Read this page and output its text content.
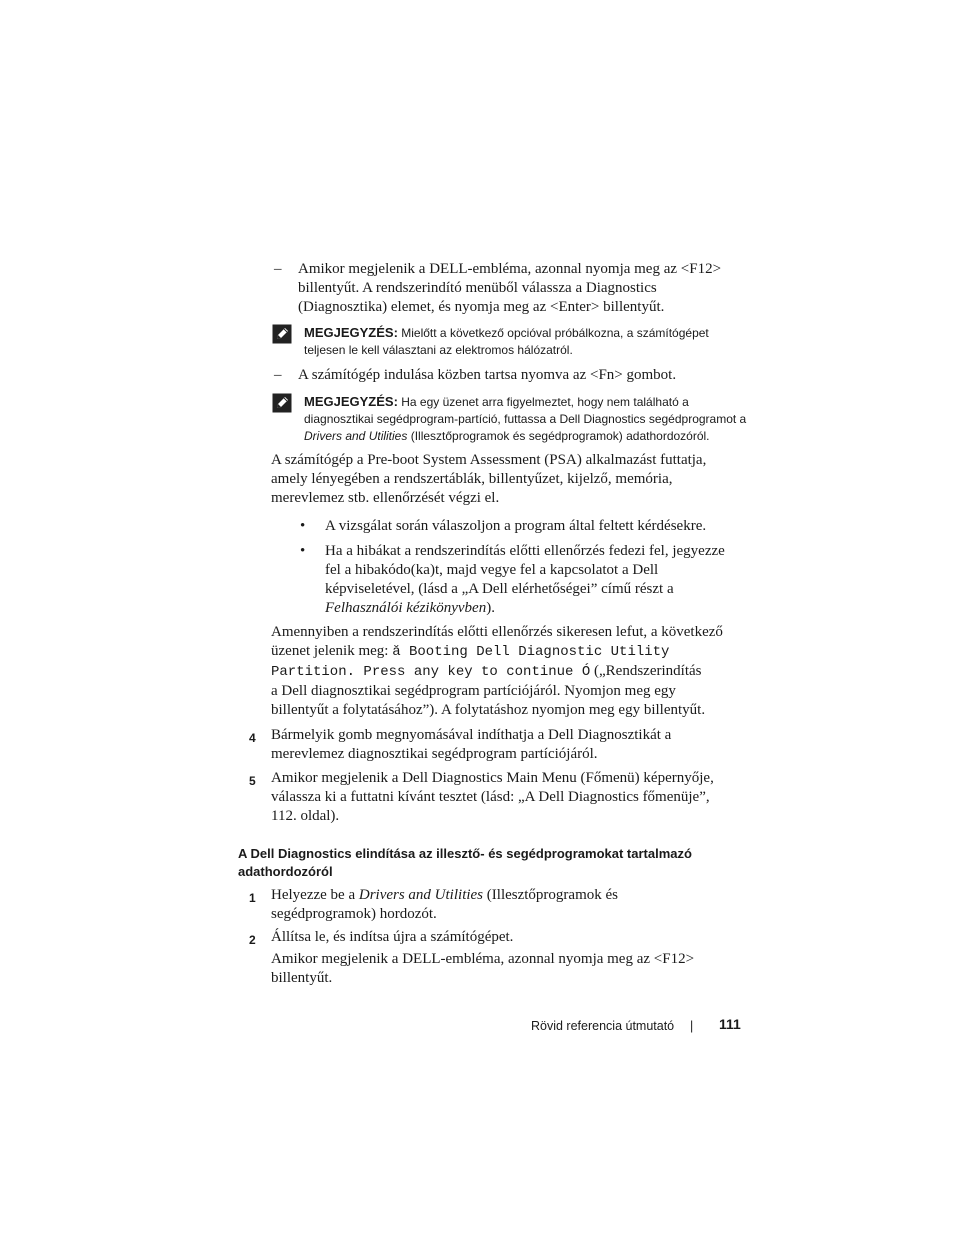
– Amikor megjelenik a DELL-embléma, azonnal nyomja meg az <F12>
billentyűt. A rendszerindító menüből válassza a Diagnostics
(Diagnosztika) elemet, és nyomja meg az <Enter> billentyűt.
MEGJEGYZÉS: Mielőtt a következő opcióval próbálkozna, a számítógépet
teljesen le kell választani az elektromos hálózatról.
– A számítógép indulása közben tartsa nyomva az <Fn> gombot.
MEGJEGYZÉS: Ha egy üzenet arra figyelmeztet, hogy nem található a
diagnosztikai segédprogram-partíció, futtassa a Dell Diagnostics segédprogramot a
Drivers and Utilities (Illesztőprogramok és segédprogramok) adathordozóról.
A számítógép a Pre-boot System Assessment (PSA) alkalmazást futtatja,
amely lényegében a rendszertáblák, billentyűzet, kijelző, memória,
merevlemez stb. ellenőrzését végzi el.
• A vizsgálat során válaszoljon a program által feltett kérdésekre.
• Ha a hibákat a rendszerindítás előtti ellenőrzés fedezi fel, jegyezze
fel a hibakódo(ka)t, majd vegye fel a kapcsolatot a Dell
képviseletével, (lásd a „A Dell elérhetőségei” című részt a
Felhasználói kézikönyvben).
Amennyiben a rendszerindítás előtti ellenőrzés sikeresen lefut, a következő
üzenet jelenik meg: ă Booting Dell Diagnostic Utility
Partition. Press any key to continue Ó („Rendszerindítás
a Dell diagnosztikai segédprogram partíciójáról. Nyomjon meg egy
billentyűt a folytatásához”). A folytatáshoz nyomjon meg egy billentyűt.
4 Bármelyik gomb megnyomásával indíthatja a Dell Diagnosztikát a
merevlemez diagnosztikai segédprogram partíciójáról.
5 Amikor megjelenik a Dell Diagnostics Main Menu (Főmenü) képernyője,
válassza ki a futtatni kívánt tesztet (lásd: „A Dell Diagnostics főmenüje”,
112. oldal).
A Dell Diagnostics elindítása az illesztő- és segédprogramokat tartalmazó
adathordozóról
1 Helyezze be a Drivers and Utilities (Illesztőprogramok és
segédprogramok) hordozót.
2 Állítsa le, és indítsa újra a számítógépet.
Amikor megjelenik a DELL-embléma, azonnal nyomja meg az <F12>
billentyűt.
Rövid referencia útmutató | 111
